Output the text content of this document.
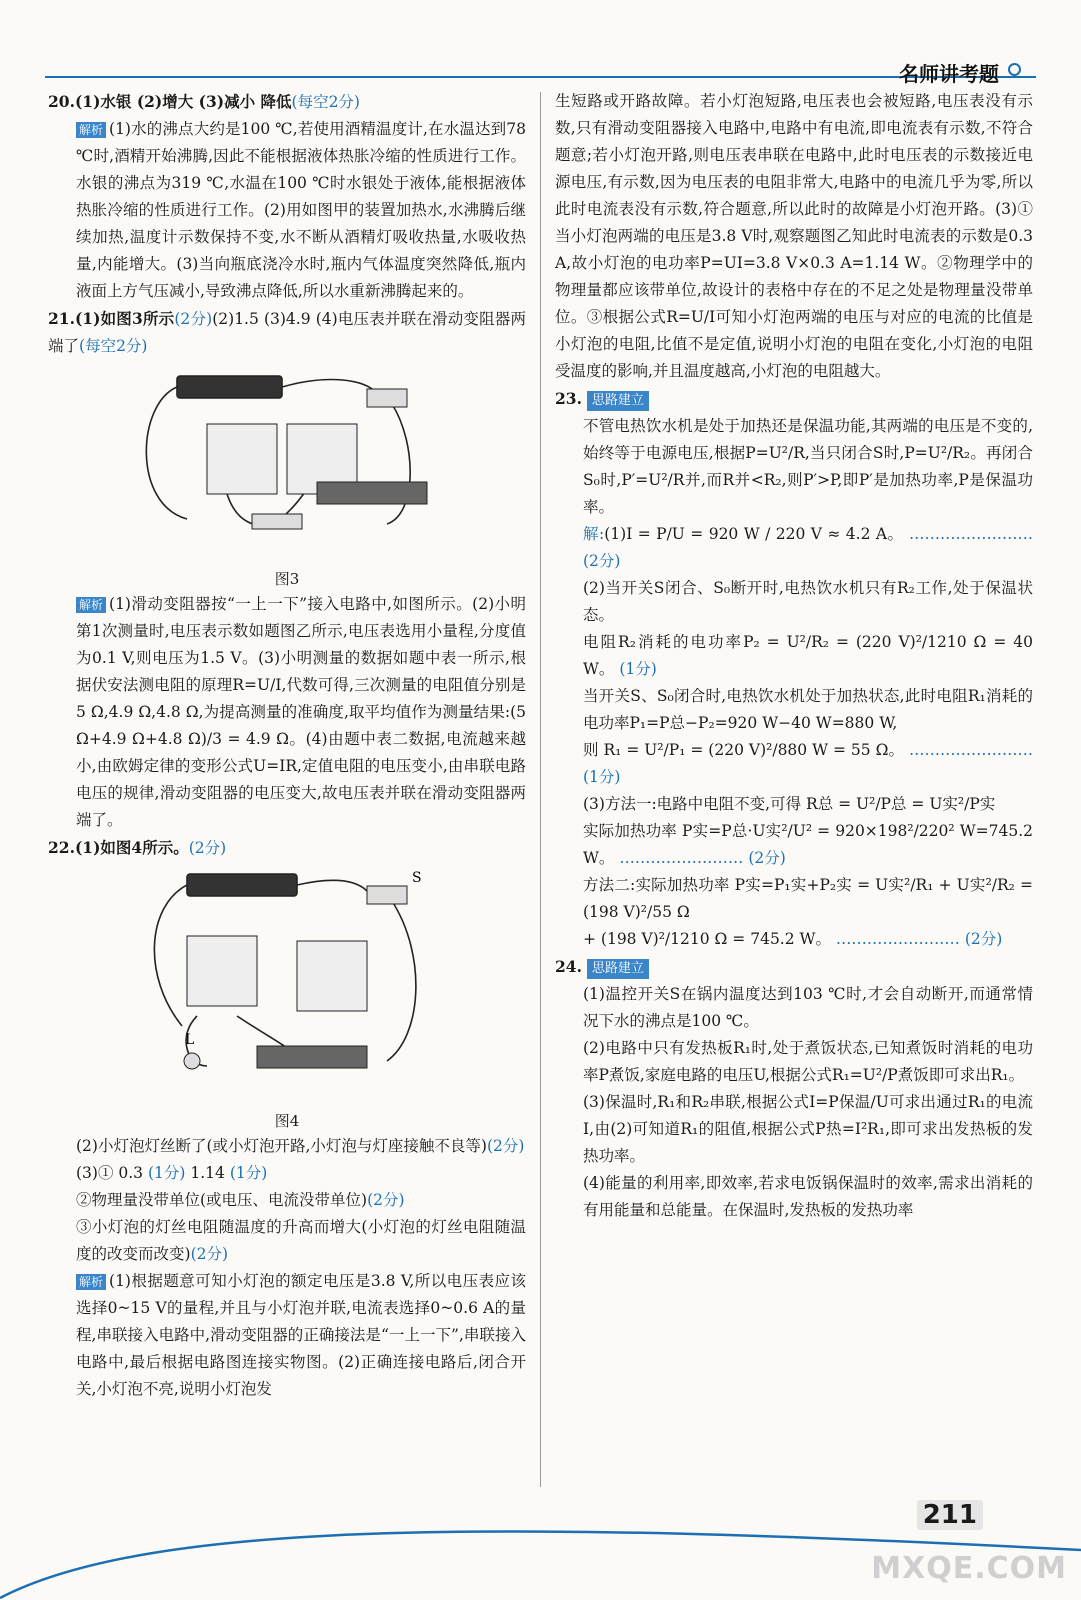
名师讲考题

20.(1)水银 (2)增大 (3)减小 降低(每空2分)

解析 (1)水的沸点大约是100 ℃,若使用酒精温度计,在水温达到78 ℃时,酒精开始沸腾,因此不能根据液体热胀冷缩的性质进行工作。水银的沸点为319 ℃,水温在100 ℃时水银处于液体,能根据液体热胀冷缩的性质进行工作。(2)用如图甲的装置加热水,水沸腾后继续加热,温度计示数保持不变,水不断从酒精灯吸收热量,水吸收热量,内能增大。(3)当向瓶底浇冷水时,瓶内气体温度突然降低,瓶内液面上方气压减小,导致沸点降低,所以水重新沸腾起来的。

21.(1)如图3所示(2分)(2)1.5 (3)4.9 (4)电压表并联在滑动变阻器两端了(每空2分)

图3

解析 (1)滑动变阻器按“一上一下”接入电路中,如图所示。(2)小明第1次测量时,电压表示数如题图乙所示,电压表选用小量程,分度值为0.1 V,则电压为1.5 V。(3)小明测量的数据如题中表一所示,根据伏安法测电阻的原理R=U/I,代数可得,三次测量的电阻值分别是5 Ω,4.9 Ω,4.8 Ω,为提高测量的准确度,取平均值作为测量结果:(5 Ω+4.9 Ω+4.8 Ω)/3 = 4.9 Ω。(4)由题中表二数据,电流越来越小,由欧姆定律的变形公式U=IR,定值电阻的电压变小,由串联电路电压的规律,滑动变阻器的电压变大,故电压表并联在滑动变阻器两端了。

22.(1)如图4所示。(2分)

S
L
图4

(2)小灯泡灯丝断了(或小灯泡开路,小灯泡与灯座接触不良等)(2分)

(3)① 0.3 (1分) 1.14 (1分)

②物理量没带单位(或电压、电流没带单位)(2分)

③小灯泡的灯丝电阻随温度的升高而增大(小灯泡的灯丝电阻随温度的改变而改变)(2分)

解析 (1)根据题意可知小灯泡的额定电压是3.8 V,所以电压表应该选择0~15 V的量程,并且与小灯泡并联,电流表选择0~0.6 A的量程,串联接入电路中,滑动变阻器的正确接法是“一上一下”,串联接入电路中,最后根据电路图连接实物图。(2)正确连接电路后,闭合开关,小灯泡不亮,说明小灯泡发

生短路或开路故障。若小灯泡短路,电压表也会被短路,电压表没有示数,只有滑动变阻器接入电路中,电路中有电流,即电流表有示数,不符合题意;若小灯泡开路,则电压表串联在电路中,此时电压表的示数接近电源电压,有示数,因为电压表的电阻非常大,电路中的电流几乎为零,所以此时电流表没有示数,符合题意,所以此时的故障是小灯泡开路。(3)①当小灯泡两端的电压是3.8 V时,观察题图乙知此时电流表的示数是0.3 A,故小灯泡的电功率P=UI=3.8 V×0.3 A=1.14 W。②物理学中的物理量都应该带单位,故设计的表格中存在的不足之处是物理量没带单位。③根据公式R=U/I可知小灯泡两端的电压与对应的电流的比值是小灯泡的电阻,比值不是定值,说明小灯泡的电阻在变化,小灯泡的电阻受温度的影响,并且温度越高,小灯泡的电阻越大。

23. 思路建立

不管电热饮水机是处于加热还是保温功能,其两端的电压是不变的,始终等于电源电压,根据P=U²/R,当只闭合S时,P=U²/R₂。再闭合S₀时,P′=U²/R并,而R并<R₂,则P′>P,即P′是加热功率,P是保温功率。

解:(1)I = P/U = 920 W / 220 V ≈ 4.2 A。 …………………… (2分)

(2)当开关S闭合、S₀断开时,电热饮水机只有R₂工作,处于保温状态。

电阻R₂消耗的电功率P₂ = U²/R₂ = (220 V)²/1210 Ω = 40 W。 (1分)

当开关S、S₀闭合时,电热饮水机处于加热状态,此时电阻R₁消耗的电功率P₁=P总−P₂=920 W−40 W=880 W,

则 R₁ = U²/P₁ = (220 V)²/880 W = 55 Ω。 …………………… (1分)

(3)方法一:电路中电阻不变,可得 R总 = U²/P总 = U实²/P实

实际加热功率 P实=P总·U实²/U² = 920×198²/220² W=745.2 W。 …………………… (2分)

方法二:实际加热功率 P实=P₁实+P₂实 = U实²/R₁ + U实²/R₂ = (198 V)²/55 Ω

+ (198 V)²/1210 Ω = 745.2 W。 …………………… (2分)

24. 思路建立

(1)温控开关S在锅内温度达到103 ℃时,才会自动断开,而通常情况下水的沸点是100 ℃。

(2)电路中只有发热板R₁时,处于煮饭状态,已知煮饭时消耗的电功率P煮饭,家庭电路的电压U,根据公式R₁=U²/P煮饭即可求出R₁。

(3)保温时,R₁和R₂串联,根据公式I=P保温/U可求出通过R₁的电流I,由(2)可知道R₁的阻值,根据公式P热=I²R₁,即可求出发热板的发热功率。

(4)能量的利用率,即效率,若求电饭锅保温时的效率,需求出消耗的有用能量和总能量。在保温时,发热板的发热功率

211
MXQE.COM
